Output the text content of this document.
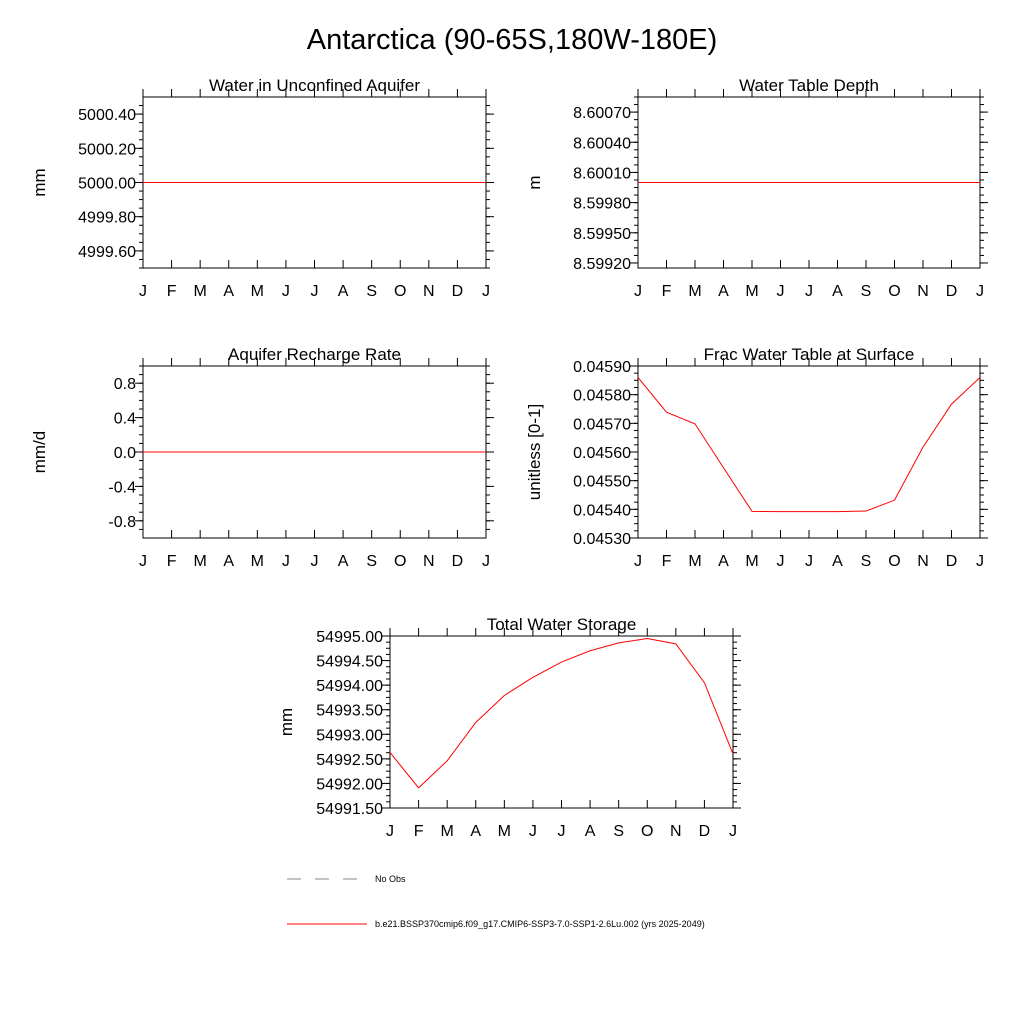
Antarctica (90-65S,180W-180E)
Water in Unconfined Aquifer
J F M A M J J A S O N D J
4999.60
4999.80
5000.00
5000.20
5000.40
mm
Water Table Depth
J F M A M J J A S O N D J
8.59920
8.59950
8.59980
8.60010
8.60040
8.60070
m
Aquifer Recharge Rate
J F M A M J J A S O N D J
-0.8
-0.4
0.0
0.4
0.8
mm/d
Frac Water Table at Surface
J F M A M J J A S O N D J
0.04530
0.04540
0.04550
0.04560
0.04570
0.04580
0.04590
unitless [0-1]
Total Water Storage
J F M A M J J A S O N D J
54991.50
54992.00
54992.50
54993.00
54993.50
54994.00
54994.50
54995.00
mm
No Obs
b.e21.BSSP370cmip6.f09_g17.CMIP6-SSP3-7.0-SSP1-2.6Lu.002 (yrs 2025-2049)
